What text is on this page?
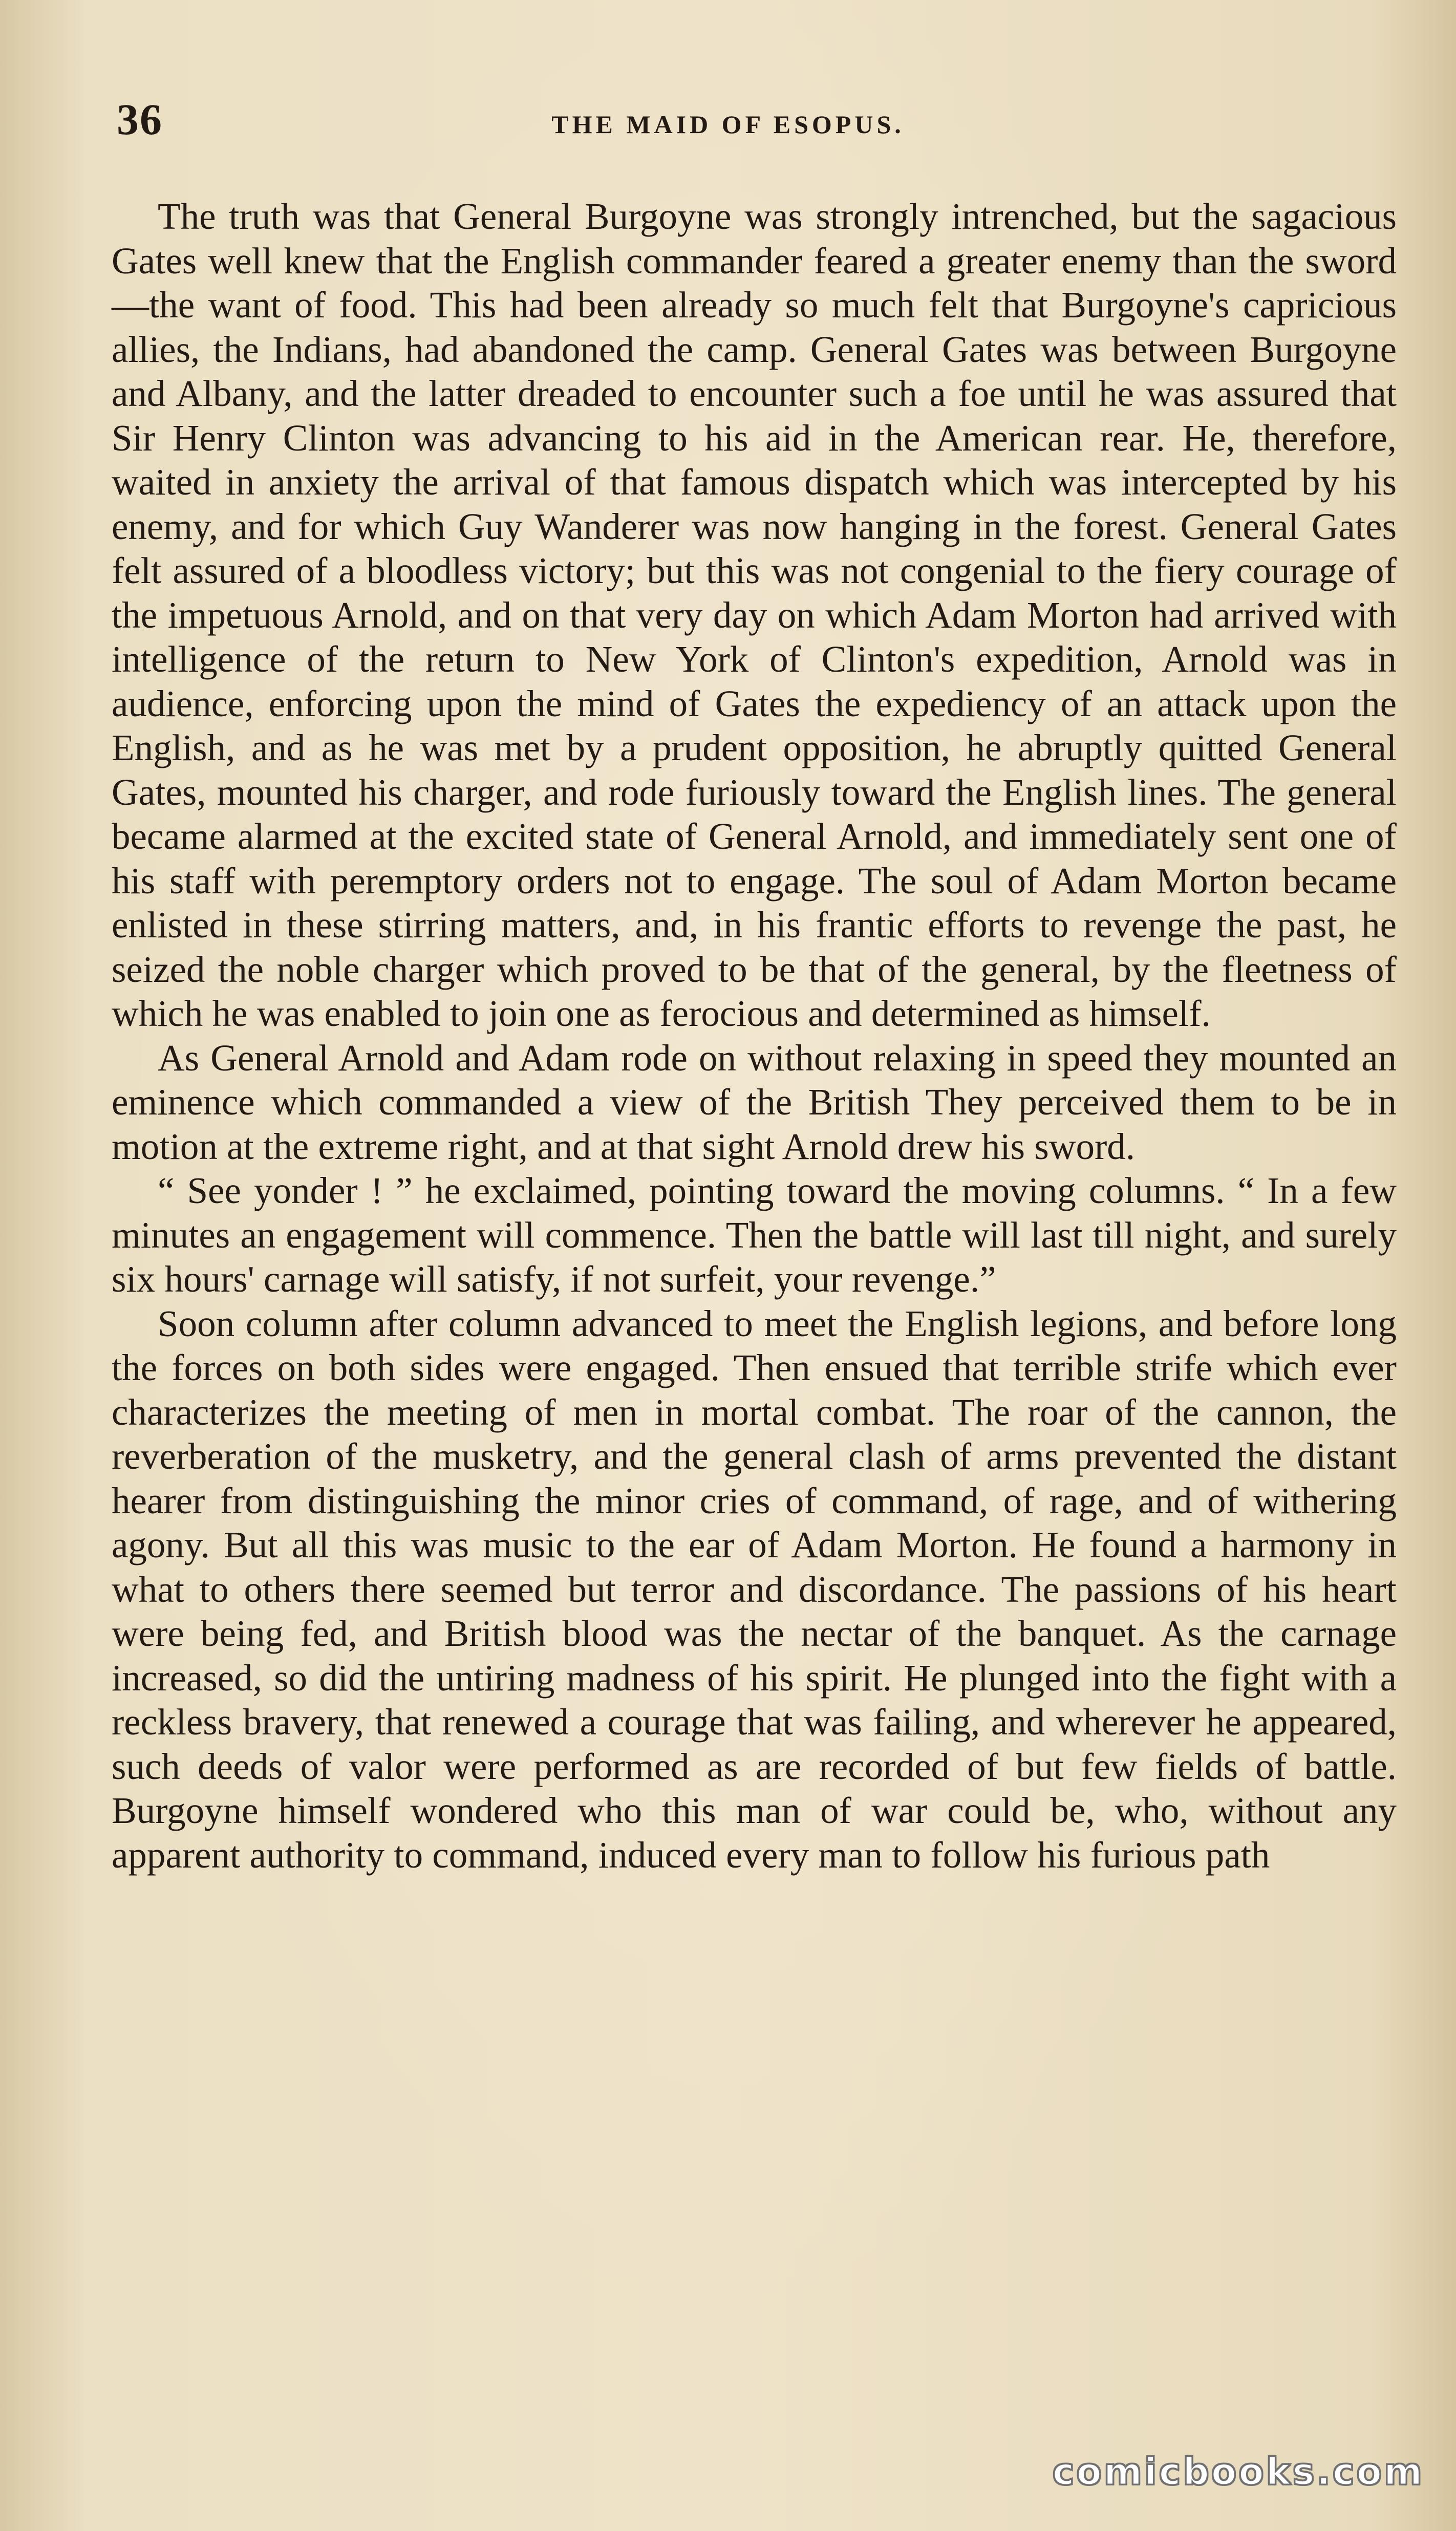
36	THE MAID OF ESOPUS.

The truth was that General Burgoyne was strongly intrenched, but the sagacious Gates well knew that the English commander feared a greater enemy than the sword—the want of food. This had been already so much felt that Burgoyne's capricious allies, the Indians, had abandoned the camp. General Gates was between Burgoyne and Albany, and the latter dreaded to encounter such a foe until he was assured that Sir Henry Clinton was advancing to his aid in the American rear. He, therefore, waited in anxiety the arrival of that famous dispatch which was intercepted by his enemy, and for which Guy Wanderer was now hanging in the forest. General Gates felt assured of a bloodless victory; but this was not congenial to the fiery courage of the impetuous Arnold, and on that very day on which Adam Morton had arrived with intelligence of the return to New York of Clinton's expedition, Arnold was in audience, enforcing upon the mind of Gates the expediency of an attack upon the English, and as he was met by a prudent opposition, he abruptly quitted General Gates, mounted his charger, and rode furiously toward the English lines. The general became alarmed at the excited state of General Arnold, and immediately sent one of his staff with peremptory orders not to engage. The soul of Adam Morton became enlisted in these stirring matters, and, in his frantic efforts to revenge the past, he seized the noble charger which proved to be that of the general, by the fleetness of which he was enabled to join one as ferocious and determined as himself.

As General Arnold and Adam rode on without relaxing in speed they mounted an eminence which commanded a view of the British They perceived them to be in motion at the extreme right, and at that sight Arnold drew his sword.

“ See yonder ! ” he exclaimed, pointing toward the moving columns. “ In a few minutes an engagement will commence. Then the battle will last till night, and surely six hours' carnage will satisfy, if not surfeit, your revenge.”

Soon column after column advanced to meet the English legions, and before long the forces on both sides were engaged. Then ensued that terrible strife which ever characterizes the meeting of men in mortal combat. The roar of the cannon, the reverberation of the musketry, and the general clash of arms prevented the distant hearer from distinguishing the minor cries of command, of rage, and of withering agony. But all this was music to the ear of Adam Morton. He found a harmony in what to others there seemed but terror and discordance. The passions of his heart were being fed, and British blood was the nectar of the banquet. As the carnage increased, so did the untiring madness of his spirit. He plunged into the fight with a reckless bravery, that renewed a courage that was failing, and wherever he appeared, such deeds of valor were performed as are recorded of but few fields of battle. Burgoyne himself wondered who this man of war could be, who, without any apparent authority to command, induced every man to follow his furious path

comicbooks.com
